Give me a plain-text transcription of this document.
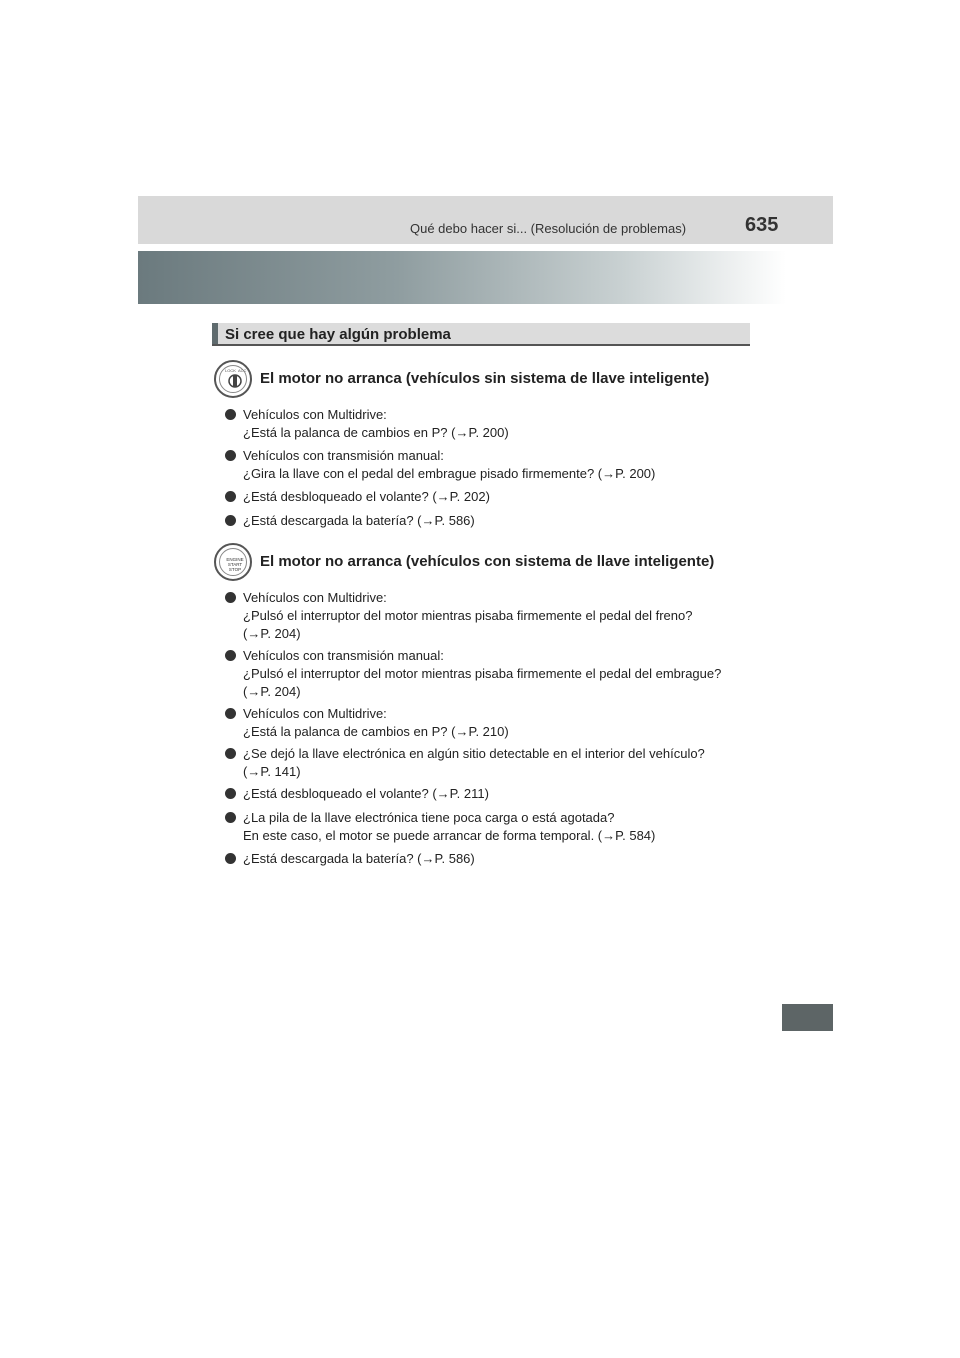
Qué debo hacer si... (Resolución de problemas)	635
Si cree que hay algún problema
LOCK ACC El motor no arranca (vehículos sin sistema de llave inteligente)
Vehículos con Multidrive:
¿Está la palanca de cambios en P? (→P. 200)
Vehículos con transmisión manual:
¿Gira la llave con el pedal del embrague pisado firmemente? (→P. 200)
¿Está desbloqueado el volante? (→P. 202)
¿Está descargada la batería? (→P. 586)
ENGINE
START
STOP El motor no arranca (vehículos con sistema de llave inteligente)
Vehículos con Multidrive:
¿Pulsó el interruptor del motor mientras pisaba firmemente el pedal del freno?
(→P. 204)
Vehículos con transmisión manual:
¿Pulsó el interruptor del motor mientras pisaba firmemente el pedal del embrague?
(→P. 204)
Vehículos con Multidrive:
¿Está la palanca de cambios en P? (→P. 210)
¿Se dejó la llave electrónica en algún sitio detectable en el interior del vehículo?
(→P. 141)
¿Está desbloqueado el volante? (→P. 211)
¿La pila de la llave electrónica tiene poca carga o está agotada?
En este caso, el motor se puede arrancar de forma temporal. (→P. 584)
¿Está descargada la batería? (→P. 586)
